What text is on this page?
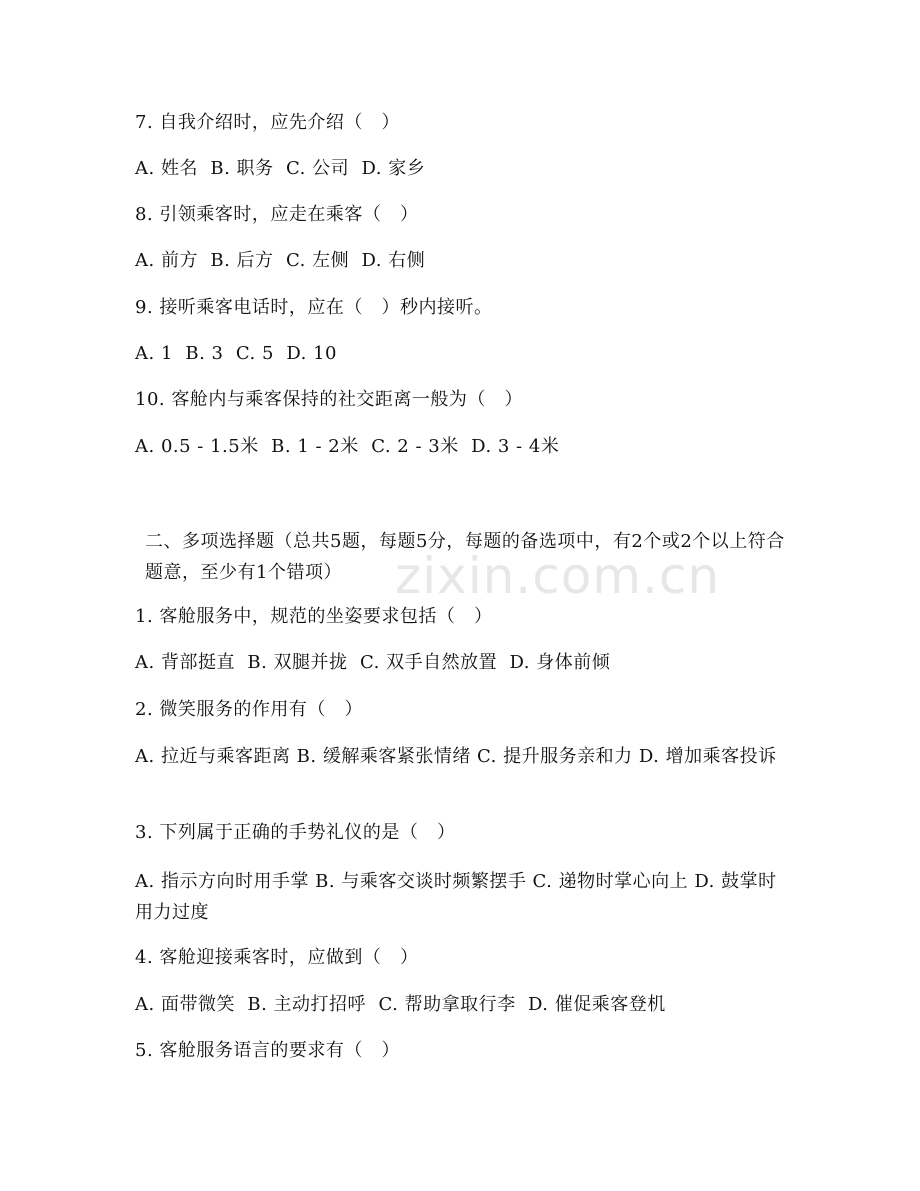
zixin.com.cn
7. 自我介绍时，应先介绍（   ）
A. 姓名  B. 职务  C. 公司  D. 家乡
8. 引领乘客时，应走在乘客（   ）
A. 前方  B. 后方  C. 左侧  D. 右侧
9. 接听乘客电话时，应在（   ）秒内接听。
A. 1  B. 3  C. 5  D. 10
10. 客舱内与乘客保持的社交距离一般为（   ）
A. 0.5 - 1.5米  B. 1 - 2米  C. 2 - 3米  D. 3 - 4米
二、多项选择题（总共5题，每题5分，每题的备选项中，有2个或2个以上符合题意，至少有1个错项）
1. 客舱服务中，规范的坐姿要求包括（   ）
A. 背部挺直  B. 双腿并拢  C. 双手自然放置  D. 身体前倾
2. 微笑服务的作用有（   ）
A. 拉近与乘客距离 B. 缓解乘客紧张情绪 C. 提升服务亲和力 D. 增加乘客投诉
3. 下列属于正确的手势礼仪的是（   ）
A. 指示方向时用手掌 B. 与乘客交谈时频繁摆手 C. 递物时掌心向上 D. 鼓掌时用力过度
4. 客舱迎接乘客时，应做到（   ）
A. 面带微笑  B. 主动打招呼  C. 帮助拿取行李  D. 催促乘客登机
5. 客舱服务语言的要求有（   ）
